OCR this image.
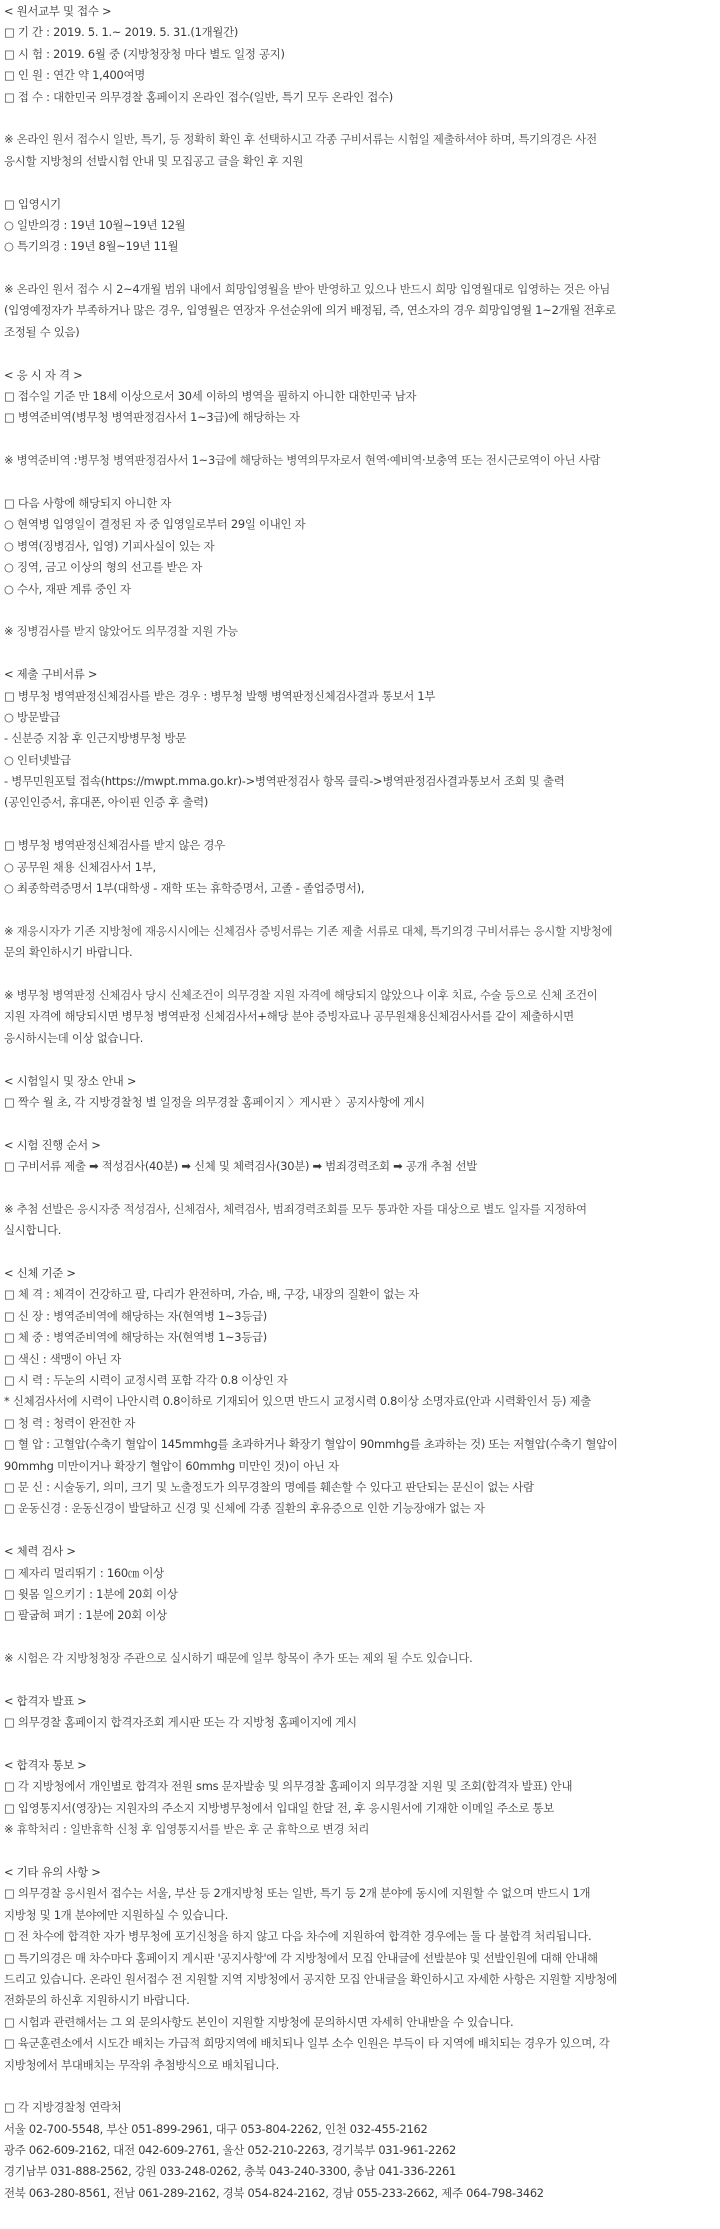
< 원서교부 및 접수 >
□ 기 간 : 2019. 5. 1.~ 2019. 5. 31.(1개월간)
□ 시 험 : 2019. 6월 중 (지방청장청 마다 별도 일정 공지)
□ 인 원 : 연간 약 1,400여명
□ 접 수 : 대한민국 의무경찰 홈페이지 온라인 접수(일반, 특기 모두 온라인 접수)
※ 온라인 원서 접수시 일반, 특기, 등 정확히 확인 후 선택하시고 각종 구비서류는 시험일 제출하셔야 하며, 특기의경은 사전
응시할 지방청의 선발시험 안내 및 모집공고 글을 확인 후 지원
□ 입영시기
○ 일반의경 : 19년 10월~19년 12월
○ 특기의경 : 19년 8월~19년 11월
※ 온라인 원서 접수 시 2~4개월 범위 내에서 희망입영월을 받아 반영하고 있으나 반드시 희망 입영월대로 입영하는 것은 아님
(입영예정자가 부족하거나 많은 경우, 입영월은 연장자 우선순위에 의거 배정됨, 즉, 연소자의 경우 희망입영월 1~2개월 전후로
조정될 수 있음)
< 응 시 자 격 >
□ 접수일 기준 만 18세 이상으로서 30세 이하의 병역을 필하지 아니한 대한민국 남자
□ 병역준비역(병무청 병역판정검사서 1~3급)에 해당하는 자
※ 병역준비역 :병무청 병역판정검사서 1~3급에 해당하는 병역의무자로서 현역·예비역·보충역 또는 전시근로역이 아닌 사람
□ 다음 사항에 해당되지 아니한 자
○ 현역병 입영일이 결정된 자 중 입영일로부터 29일 이내인 자
○ 병역(징병검사, 입영) 기피사실이 있는 자
○ 징역, 금고 이상의 형의 선고를 받은 자
○ 수사, 재판 계류 중인 자
※ 징병검사를 받지 않았어도 의무경찰 지원 가능
< 제출 구비서류 >
□ 병무청 병역판정신체검사를 받은 경우 : 병무청 발행 병역판정신체검사결과 통보서 1부
○ 방문발급
- 신분증 지참 후 인근지방병무청 방문
○ 인터넷발급
- 병무민원포털 접속(https://mwpt.mma.go.kr)->병역판정검사 항목 클릭->병역판정검사결과통보서 조회 및 출력
(공인인증서, 휴대폰, 아이핀 인증 후 출력)
□ 병무청 병역판정신체검사를 받지 않은 경우
○ 공무원 채용 신체검사서 1부,
○ 최종학력증명서 1부(대학생 - 재학 또는 휴학증명서, 고졸 - 졸업증명서),
※ 재응시자가 기존 지방청에 재응시시에는 신체검사 증빙서류는 기존 제출 서류로 대체, 특기의경 구비서류는 응시할 지방청에
문의 확인하시기 바랍니다.
※ 병무청 병역판정 신체검사 당시 신체조건이 의무경찰 지원 자격에 해당되지 않았으나 이후 치료, 수술 등으로 신체 조건이
지원 자격에 해당되시면 병무청 병역판정 신체검사서+해당 분야 증빙자료나 공무원채용신체검사서를 같이 제출하시면
응시하시는데 이상 없습니다.
< 시험일시 및 장소 안내 >
□ 짝수 월 초, 각 지방경찰청 별 일정을 의무경찰 홈페이지 〉게시판 〉공지사항에 게시
< 시험 진행 순서 >
□ 구비서류 제출 ➡ 적성검사(40분) ➡ 신체 및 체력검사(30분) ➡ 범죄경력조회 ➡ 공개 추첨 선발
※ 추첨 선발은 응시자중 적성검사, 신체검사, 체력검사, 범죄경력조회를 모두 통과한 자를 대상으로 별도 일자를 지정하여
실시합니다.
< 신체 기준 >
□ 체 격 : 체격이 건강하고 팔, 다리가 완전하며, 가슴, 배, 구강, 내장의 질환이 없는 자
□ 신 장 : 병역준비역에 해당하는 자(현역병 1~3등급)
□ 체 중 : 병역준비역에 해당하는 자(현역병 1~3등급)
□ 색신 : 색맹이 아닌 자
□ 시 력 : 두눈의 시력이 교정시력 포함 각각 0.8 이상인 자
* 신체검사서에 시력이 나안시력 0.8이하로 기재되어 있으면 반드시 교정시력 0.8이상 소명자료(안과 시력확인서 등) 제출
□ 청 력 : 청력이 완전한 자
□ 혈 압 : 고혈압(수축기 혈압이 145mmhg를 초과하거나 확장기 혈압이 90mmhg를 초과하는 것) 또는 저혈압(수축기 혈압이
90mmhg 미만이거나 확장기 혈압이 60mmhg 미만인 것)이 아닌 자
□ 문 신 : 시술동기, 의미, 크기 및 노출정도가 의무경찰의 명예를 훼손할 수 있다고 판단되는 문신이 없는 사람
□ 운동신경 : 운동신경이 발달하고 신경 및 신체에 각종 질환의 후유증으로 인한 기능장애가 없는 자
< 체력 검사 >
□ 제자리 멀리뛰기 : 160㎝ 이상
□ 윗몸 일으키기 : 1분에 20회 이상
□ 팔굽혀 펴기 : 1분에 20회 이상
※ 시험은 각 지방청청장 주관으로 실시하기 때문에 일부 항목이 추가 또는 제외 될 수도 있습니다.
< 합격자 발표 >
□ 의무경찰 홈페이지 합격자조회 게시판 또는 각 지방청 홈페이지에 게시
< 합격자 통보 >
□ 각 지방청에서 개인별로 합격자 전원 sms 문자발송 및 의무경찰 홈페이지 의무경찰 지원 및 조회(합격자 발표) 안내
□ 입영통지서(영장)는 지원자의 주소지 지방병무청에서 입대일 한달 전, 후 응시원서에 기재한 이메일 주소로 통보
※ 휴학처리 : 일반휴학 신청 후 입영통지서를 받은 후 군 휴학으로 변경 처리
< 기타 유의 사항 >
□ 의무경찰 응시원서 접수는 서울, 부산 등 2개지방청 또는 일반, 특기 등 2개 분야에 동시에 지원할 수 없으며 반드시 1개
지방청 및 1개 분야에만 지원하실 수 있습니다.
□ 전 차수에 합격한 자가 병무청에 포기신청을 하지 않고 다음 차수에 지원하여 합격한 경우에는 둘 다 불합격 처리됩니다.
□ 특기의경은 매 차수마다 홈페이지 게시판 '공지사항'에 각 지방청에서 모집 안내글에 선발분야 및 선발인원에 대해 안내해
드리고 있습니다. 온라인 원서접수 전 지원할 지역 지방청에서 공지한 모집 안내글을 확인하시고 자세한 사항은 지원할 지방청에
전화문의 하신후 지원하시기 바랍니다.
□ 시험과 관련해서는 그 외 문의사항도 본인이 지원할 지방청에 문의하시면 자세히 안내받을 수 있습니다.
□ 육군훈련소에서 시도간 배치는 가급적 희망지역에 배치되나 일부 소수 인원은 부득이 타 지역에 배치되는 경우가 있으며, 각
지방청에서 부대배치는 무작위 추첨방식으로 배치됩니다.
□ 각 지방경찰청 연락처
서울 02-700-5548, 부산 051-899-2961, 대구 053-804-2262, 인천 032-455-2162
광주 062-609-2162, 대전 042-609-2761, 울산 052-210-2263, 경기북부 031-961-2262
경기남부 031-888-2562, 강원 033-248-0262, 충북 043-240-3300, 충남 041-336-2261
전북 063-280-8561, 전남 061-289-2162, 경북 054-824-2162, 경남 055-233-2662, 제주 064-798-3462
